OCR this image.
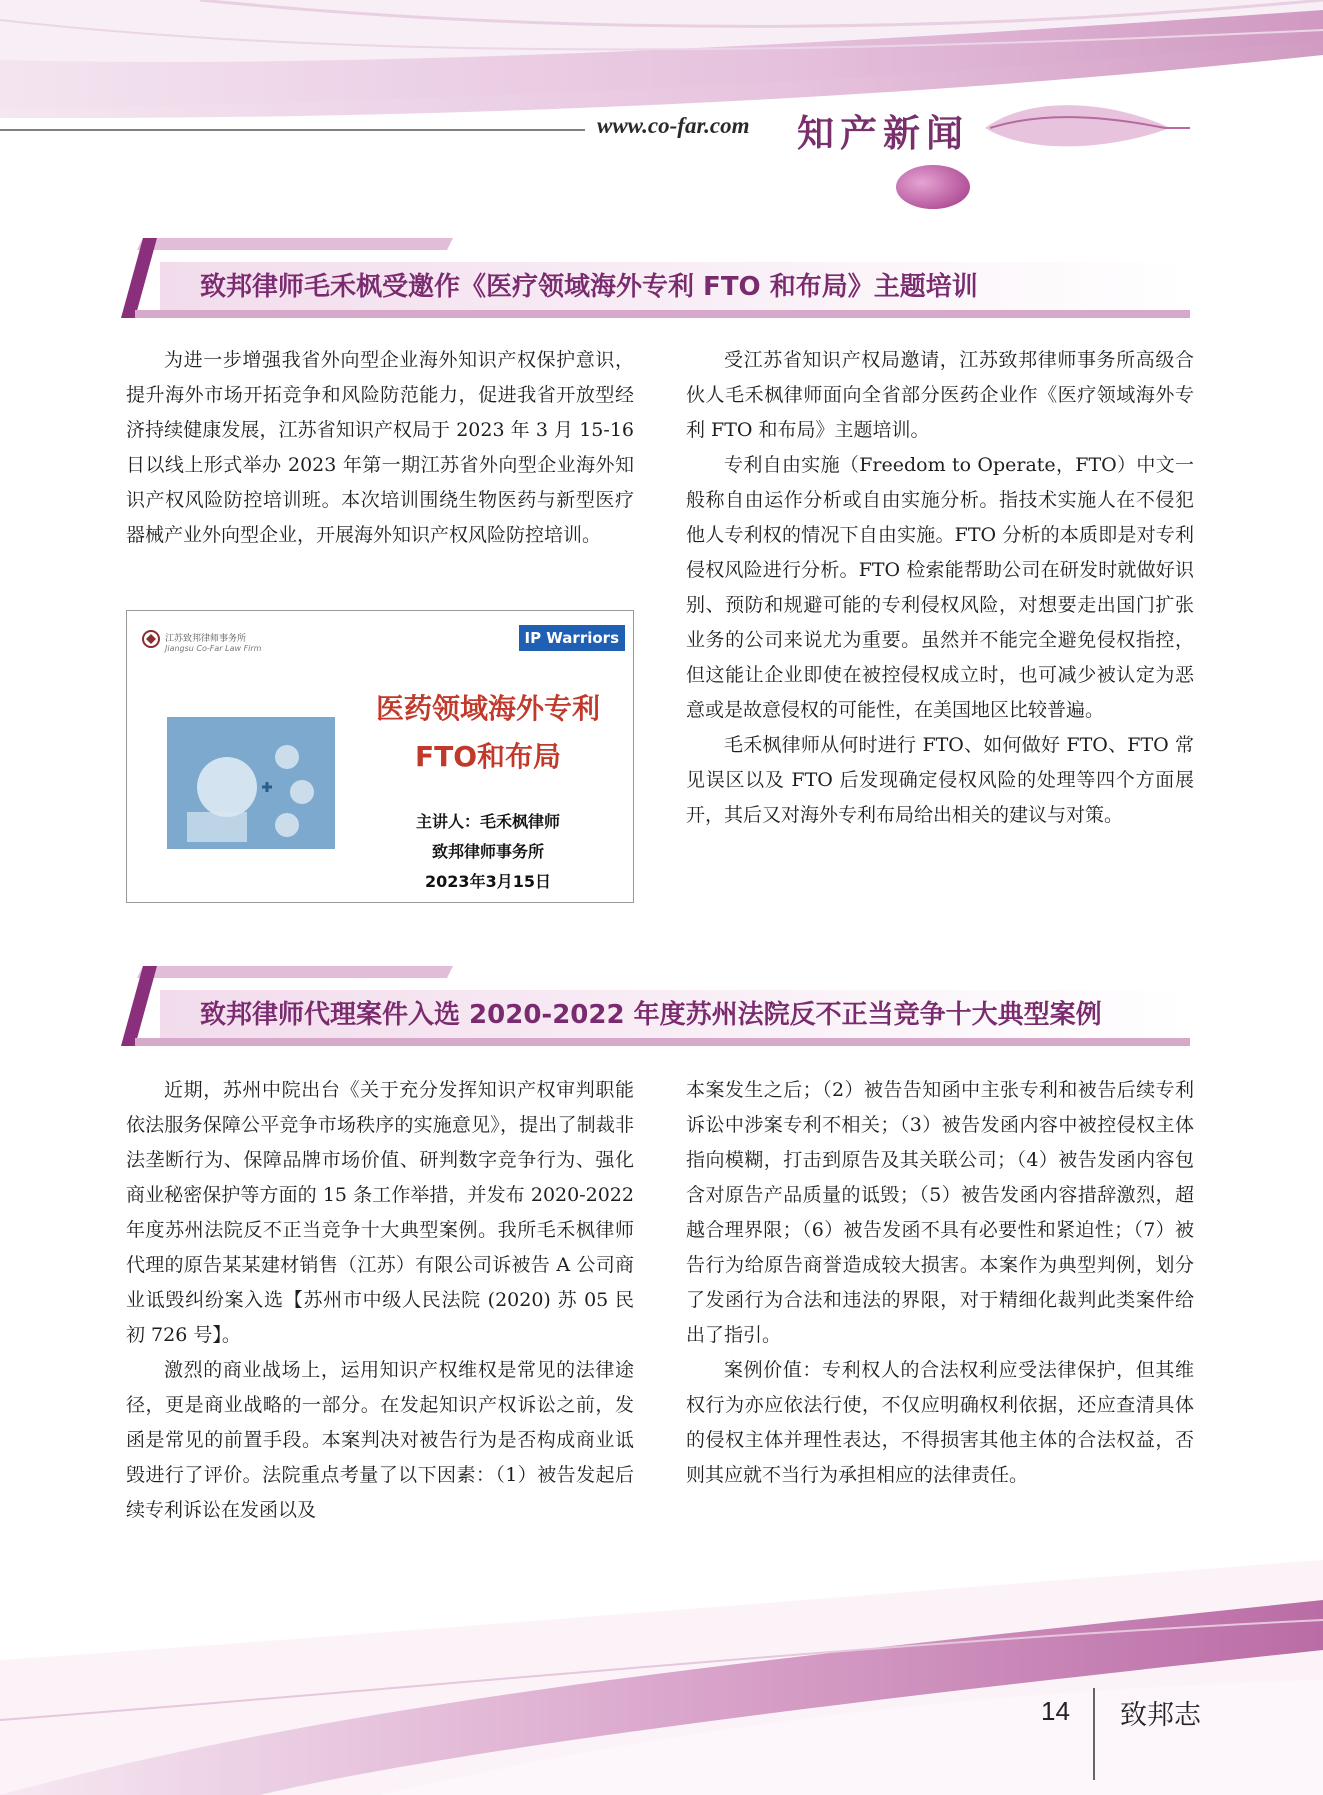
www.co-far.com 知产新闻
致邦律师毛禾枫受邀作《医疗领域海外专利 FTO 和布局》主题培训

为进一步增强我省外向型企业海外知识产权保护意识，提升海外市场开拓竞争和风险防范能力，促进我省开放型经济持续健康发展，江苏省知识产权局于 2023 年 3 月 15-16 日以线上形式举办 2023 年第一期江苏省外向型企业海外知识产权风险防控培训班。本次培训围绕生物医药与新型医疗器械产业外向型企业，开展海外知识产权风险防控培训。

江苏致邦律师事务所
Jiangsu Co-Far Law Firm
IP Warriors
医药领域海外专利
FTO和布局
主讲人：毛禾枫律师
致邦律师事务所
2023年3月15日

受江苏省知识产权局邀请，江苏致邦律师事务所高级合伙人毛禾枫律师面向全省部分医药企业作《医疗领域海外专利 FTO 和布局》主题培训。

专利自由实施（Freedom to Operate，FTO）中文一般称自由运作分析或自由实施分析。指技术实施人在不侵犯他人专利权的情况下自由实施。FTO 分析的本质即是对专利侵权风险进行分析。FTO 检索能帮助公司在研发时就做好识别、预防和规避可能的专利侵权风险，对想要走出国门扩张业务的公司来说尤为重要。虽然并不能完全避免侵权指控，但这能让企业即使在被控侵权成立时，也可减少被认定为恶意或是故意侵权的可能性，在美国地区比较普遍。

毛禾枫律师从何时进行 FTO、如何做好 FTO、FTO 常见误区以及 FTO 后发现确定侵权风险的处理等四个方面展开，其后又对海外专利布局给出相关的建议与对策。

致邦律师代理案件入选 2020-2022 年度苏州法院反不正当竞争十大典型案例

近期，苏州中院出台《关于充分发挥知识产权审判职能依法服务保障公平竞争市场秩序的实施意见》，提出了制裁非法垄断行为、保障品牌市场价值、研判数字竞争行为、强化商业秘密保护等方面的 15 条工作举措，并发布 2020-2022 年度苏州法院反不正当竞争十大典型案例。我所毛禾枫律师代理的原告某某建材销售（江苏）有限公司诉被告 A 公司商业诋毁纠纷案入选【苏州市中级人民法院 (2020) 苏 05 民初 726 号】。

激烈的商业战场上，运用知识产权维权是常见的法律途径，更是商业战略的一部分。在发起知识产权诉讼之前，发函是常见的前置手段。本案判决对被告行为是否构成商业诋毁进行了评价。法院重点考量了以下因素：（1）被告发起后续专利诉讼在发函以及

本案发生之后；（2）被告告知函中主张专利和被告后续专利诉讼中涉案专利不相关；（3）被告发函内容中被控侵权主体指向模糊，打击到原告及其关联公司；（4）被告发函内容包含对原告产品质量的诋毁；（5）被告发函内容措辞激烈，超越合理界限；（6）被告发函不具有必要性和紧迫性；（7）被告行为给原告商誉造成较大损害。本案作为典型判例，划分了发函行为合法和违法的界限，对于精细化裁判此类案件给出了指引。

案例价值：专利权人的合法权利应受法律保护，但其维权行为亦应依法行使，不仅应明确权利依据，还应查清具体的侵权主体并理性表达，不得损害其他主体的合法权益，否则其应就不当行为承担相应的法律责任。

14 致邦志
